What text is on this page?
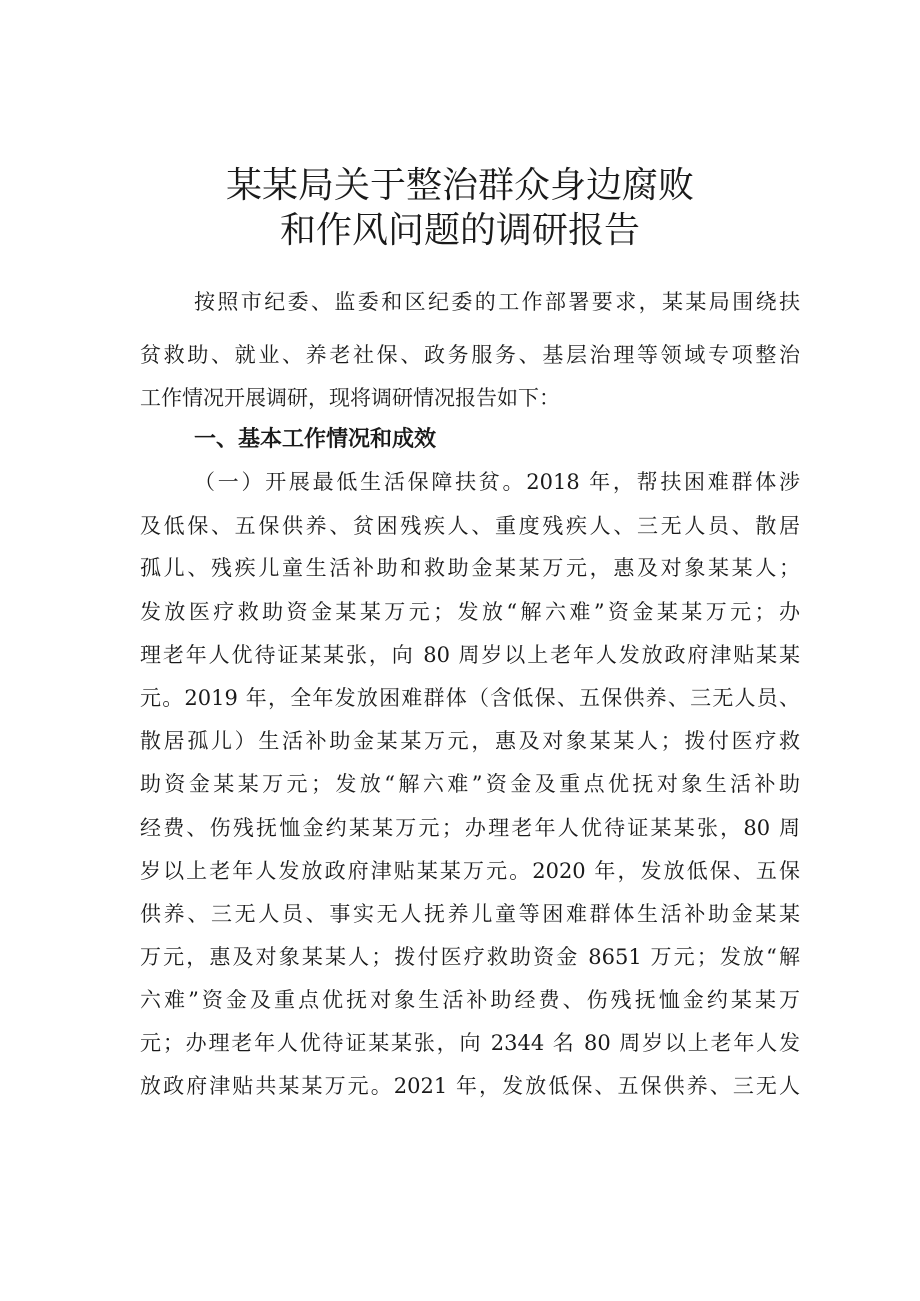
某某局关于整治群众身边腐败
和作风问题的调研报告
按照市纪委、监委和区纪委的工作部署要求，某某局围绕扶
贫救助、就业、养老社保、政务服务、基层治理等领域专项整治
工作情况开展调研，现将调研情况报告如下：
一、基本工作情况和成效
（一）开展最低生活保障扶贫。2018 年，帮扶困难群体涉
及低保、五保供养、贫困残疾人、重度残疾人、三无人员、散居
孤儿、残疾儿童生活补助和救助金某某万元，惠及对象某某人；
发放医疗救助资金某某万元；发放“解六难”资金某某万元；办
理老年人优待证某某张，向 80 周岁以上老年人发放政府津贴某某
元。2019 年，全年发放困难群体（含低保、五保供养、三无人员、
散居孤儿）生活补助金某某万元，惠及对象某某人；拨付医疗救
助资金某某万元；发放“解六难”资金及重点优抚对象生活补助
经费、伤残抚恤金约某某万元；办理老年人优待证某某张，80 周
岁以上老年人发放政府津贴某某万元。2020 年，发放低保、五保
供养、三无人员、事实无人抚养儿童等困难群体生活补助金某某
万元，惠及对象某某人；拨付医疗救助资金 8651 万元；发放“解
六难”资金及重点优抚对象生活补助经费、伤残抚恤金约某某万
元；办理老年人优待证某某张，向 2344 名 80 周岁以上老年人发
放政府津贴共某某万元。2021 年，发放低保、五保供养、三无人
